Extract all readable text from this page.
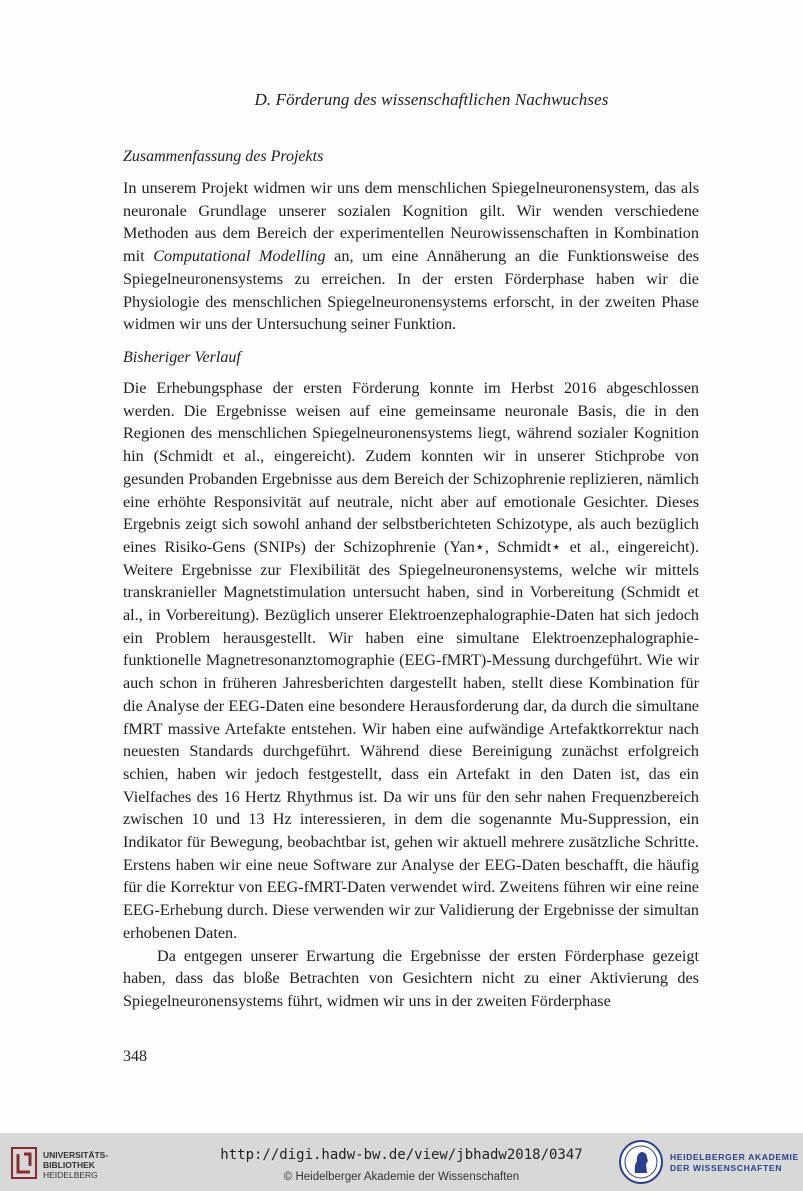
D. Förderung des wissenschaftlichen Nachwuchses

Zusammenfassung des Projekts

In unserem Projekt widmen wir uns dem menschlichen Spiegelneuronensystem, das als neuronale Grundlage unserer sozialen Kognition gilt. Wir wenden verschiedene Methoden aus dem Bereich der experimentellen Neurowissenschaften in Kombination mit Computational Modelling an, um eine Annäherung an die Funktionsweise des Spiegelneuronensystems zu erreichen. In der ersten Förderphase haben wir die Physiologie des menschlichen Spiegelneuronensystems erforscht, in der zweiten Phase widmen wir uns der Untersuchung seiner Funktion.

Bisheriger Verlauf

Die Erhebungsphase der ersten Förderung konnte im Herbst 2016 abgeschlossen werden. Die Ergebnisse weisen auf eine gemeinsame neuronale Basis, die in den Regionen des menschlichen Spiegelneuronensystems liegt, während sozialer Kognition hin (Schmidt et al., eingereicht). Zudem konnten wir in unserer Stichprobe von gesunden Probanden Ergebnisse aus dem Bereich der Schizophrenie replizieren, nämlich eine erhöhte Responsivität auf neutrale, nicht aber auf emotionale Gesichter. Dieses Ergebnis zeigt sich sowohl anhand der selbstberichteten Schizotype, als auch bezüglich eines Risiko-Gens (SNIPs) der Schizophrenie (Yan⋆, Schmidt⋆ et al., eingereicht). Weitere Ergebnisse zur Flexibilität des Spiegelneuronensystems, welche wir mittels transkranieller Magnetstimulation untersucht haben, sind in Vorbereitung (Schmidt et al., in Vorbereitung). Bezüglich unserer Elektroenzephalographie-Daten hat sich jedoch ein Problem herausgestellt. Wir haben eine simultane Elektroenzephalographie-funktionelle Magnetresonanztomographie (EEG-fMRT)-Messung durchgeführt. Wie wir auch schon in früheren Jahresberichten dargestellt haben, stellt diese Kombination für die Analyse der EEG-Daten eine besondere Herausforderung dar, da durch die simultane fMRT massive Artefakte entstehen. Wir haben eine aufwändige Artefaktkorrektur nach neuesten Standards durchgeführt. Während diese Bereinigung zunächst erfolgreich schien, haben wir jedoch festgestellt, dass ein Artefakt in den Daten ist, das ein Vielfaches des 16 Hertz Rhythmus ist. Da wir uns für den sehr nahen Frequenzbereich zwischen 10 und 13 Hz interessieren, in dem die sogenannte Mu-Suppression, ein Indikator für Bewegung, beobachtbar ist, gehen wir aktuell mehrere zusätzliche Schritte. Erstens haben wir eine neue Software zur Analyse der EEG-Daten beschafft, die häufig für die Korrektur von EEG-fMRT-Daten verwendet wird. Zweitens führen wir eine reine EEG-Erhebung durch. Diese verwenden wir zur Validierung der Ergebnisse der simultan erhobenen Daten.

Da entgegen unserer Erwartung die Ergebnisse der ersten Förderphase gezeigt haben, dass das bloße Betrachten von Gesichtern nicht zu einer Aktivierung des Spiegelneuronensystems führt, widmen wir uns in der zweiten Förderphase

348
UNIVERSITÄTS-
BIBLIOTHEK
HEIDELBERG
http://digi.hadw-bw.de/view/jbhadw2018/0347
© Heidelberger Akademie der Wissenschaften
HEIDELBERGER AKADEMIE
DER WISSENSCHAFTEN
